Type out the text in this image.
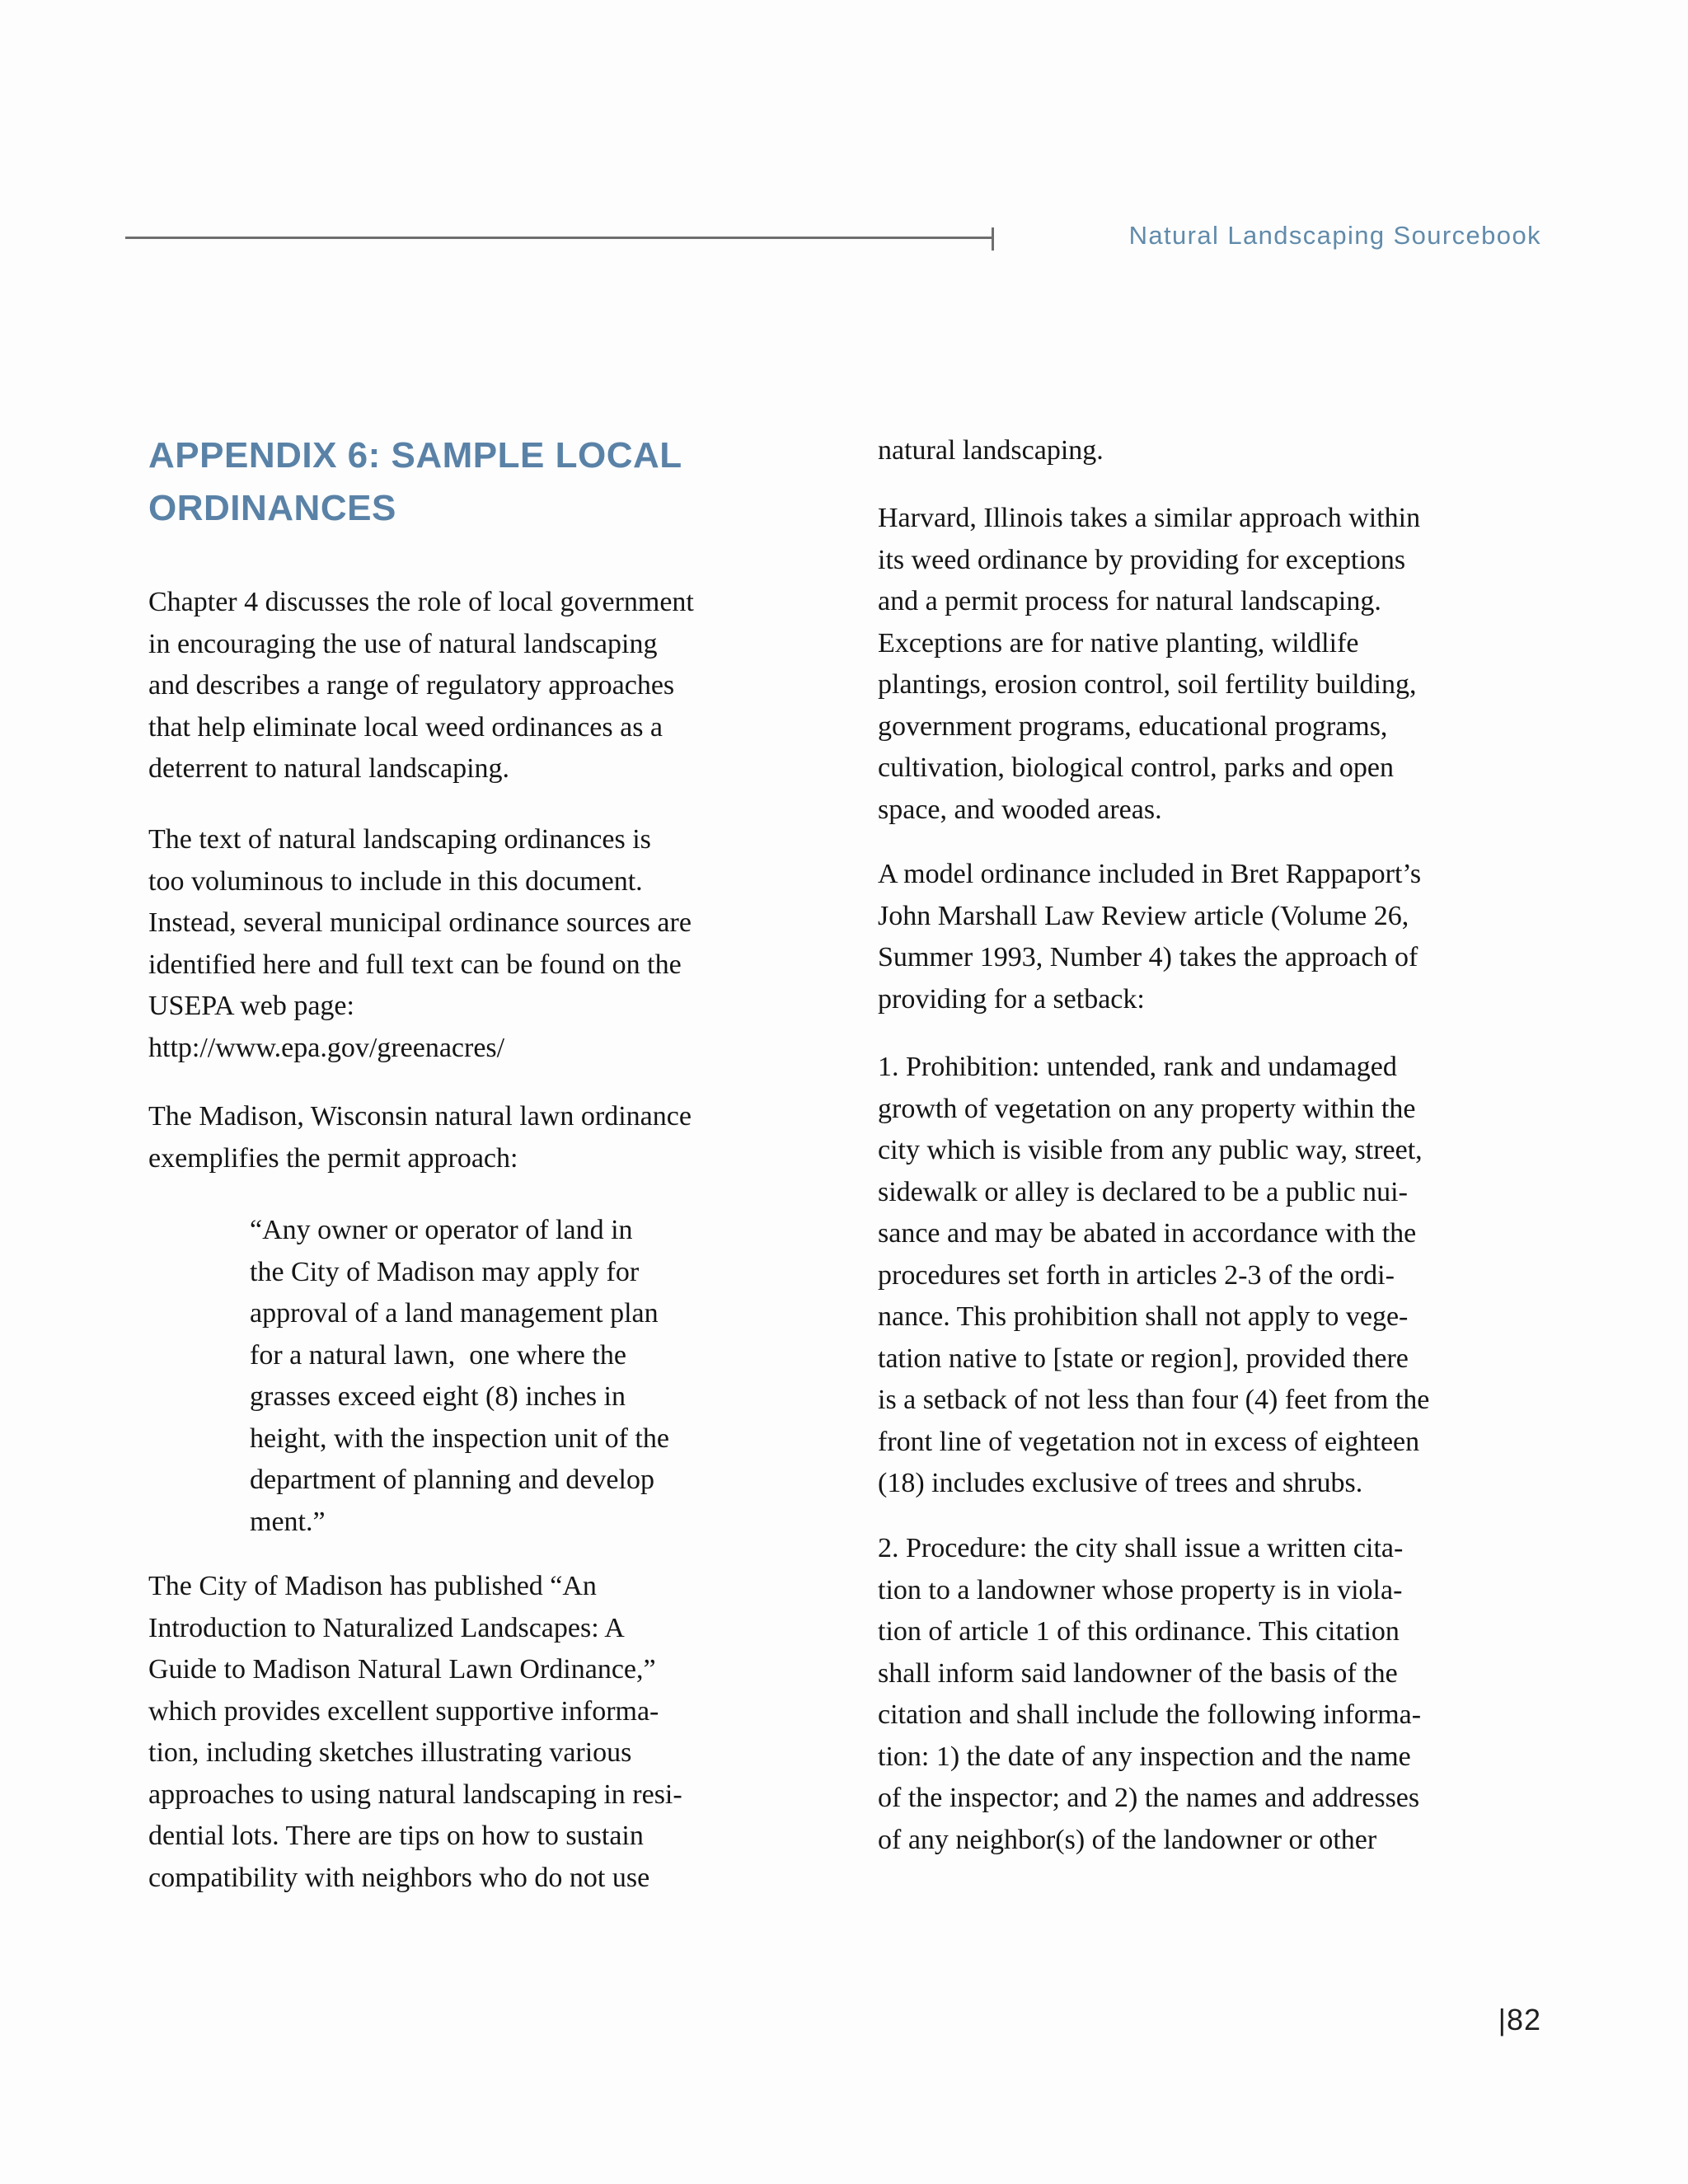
Natural Landscaping Sourcebook
APPENDIX 6: SAMPLE LOCAL
ORDINANCES
Chapter 4 discusses the role of local government
in encouraging the use of natural landscaping
and describes a range of regulatory approaches
that help eliminate local weed ordinances as a
deterrent to natural landscaping.
The text of natural landscaping ordinances is
too voluminous to include in this document.
Instead, several municipal ordinance sources are
identified here and full text can be found on the
USEPA web page:
http://www.epa.gov/greenacres/
The Madison, Wisconsin natural lawn ordinance
exemplifies the permit approach:
“Any owner or operator of land in
the City of Madison may apply for
approval of a land management plan
for a natural lawn,  one where the
grasses exceed eight (8) inches in
height, with the inspection unit of the
department of planning and develop
ment.”
The City of Madison has published “An
Introduction to Naturalized Landscapes: A
Guide to Madison Natural Lawn Ordinance,”
which provides excellent supportive informa-
tion, including sketches illustrating various
approaches to using natural landscaping in resi-
dential lots. There are tips on how to sustain
compatibility with neighbors who do not use
natural landscaping.
Harvard, Illinois takes a similar approach within
its weed ordinance by providing for exceptions
and a permit process for natural landscaping.
Exceptions are for native planting, wildlife
plantings, erosion control, soil fertility building,
government programs, educational programs,
cultivation, biological control, parks and open
space, and wooded areas.
A model ordinance included in Bret Rappaport’s
John Marshall Law Review article (Volume 26,
Summer 1993, Number 4) takes the approach of
providing for a setback:
1. Prohibition: untended, rank and undamaged
growth of vegetation on any property within the
city which is visible from any public way, street,
sidewalk or alley is declared to be a public nui-
sance and may be abated in accordance with the
procedures set forth in articles 2-3 of the ordi-
nance. This prohibition shall not apply to vege-
tation native to [state or region], provided there
is a setback of not less than four (4) feet from the
front line of vegetation not in excess of eighteen
(18) includes exclusive of trees and shrubs.
2. Procedure: the city shall issue a written cita-
tion to a landowner whose property is in viola-
tion of article 1 of this ordinance. This citation
shall inform said landowner of the basis of the
citation and shall include the following informa-
tion: 1) the date of any inspection and the name
of the inspector; and 2) the names and addresses
of any neighbor(s) of the landowner or other
|82
